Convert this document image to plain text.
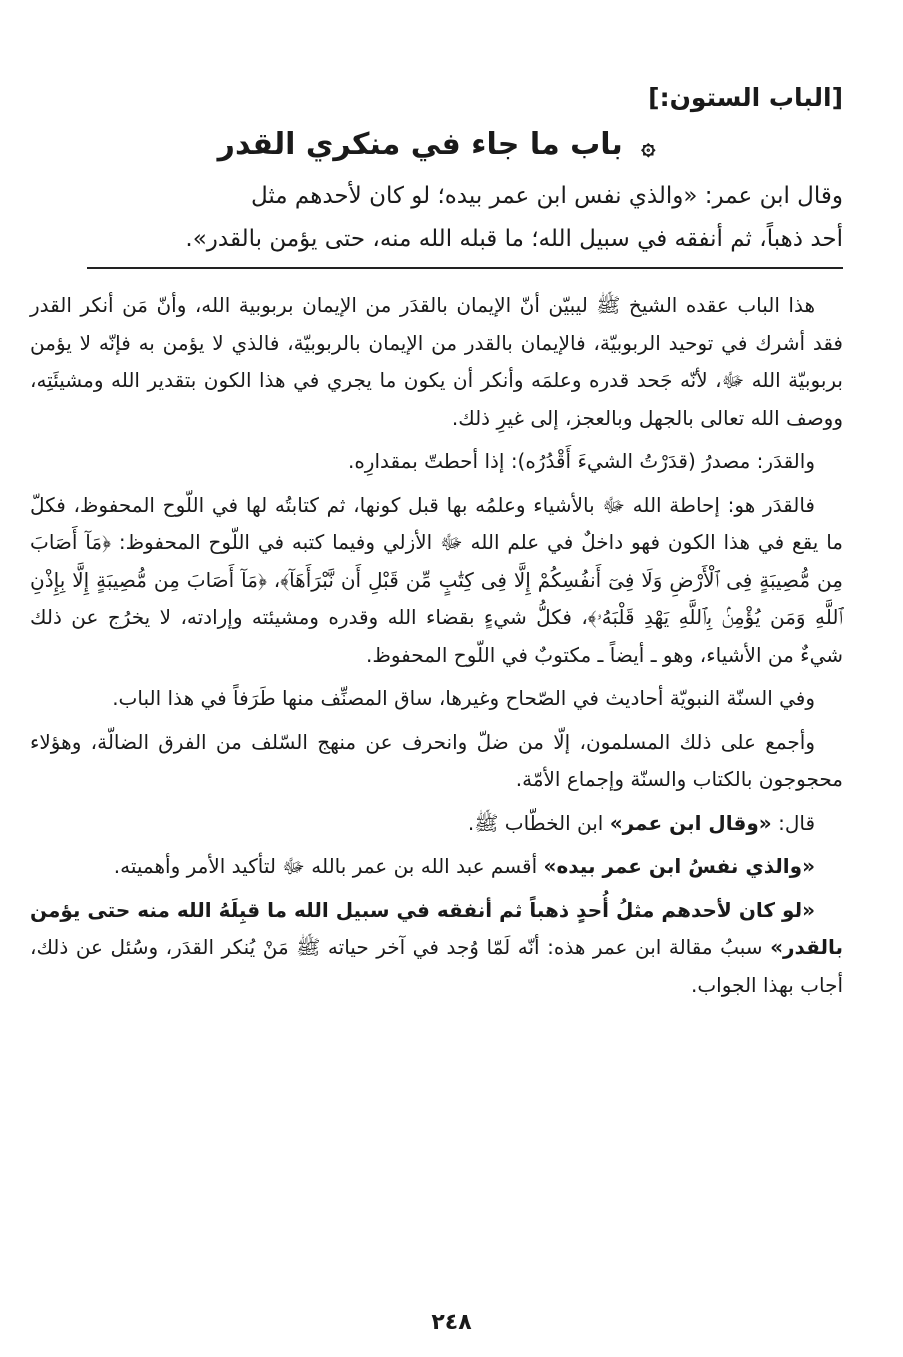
[الباب الستون:]
۞ باب ما جاء في منكري القدر

وقال ابن عمر: «والذي نفس ابن عمر بيده؛ لو كان لأحدهم مثل

أحد ذهباً، ثم أنفقه في سبيل الله؛ ما قبله الله منه، حتى يؤمن بالقدر».

هذا الباب عقده الشيخ ﷺ ليبيّن أنّ الإيمان بالقدَر من الإيمان بربوبية الله، وأنّ مَن أنكر القدر فقد أشرك في توحيد الربوبيّة، فالإيمان بالقدر من الإيمان بالربوبيّة، فالذي لا يؤمن به فإنّه لا يؤمن بربوبيّة الله ﷻ، لأنّه جَحد قدره وعلمَه وأنكر أن يكون ما يجري في هذا الكون بتقدير الله ومشيئَتِه، ووصف الله تعالى بالجهل وبالعجز، إلى غيرِ ذلك.

والقدَر: مصدرُ (قدَرْتُ الشيءَ أَقْدُرُه): إذا أحطتّ بمقدارِه.

فالقدَر هو: إحاطة الله ﷻ بالأشياء وعلمُه بها قبل كونها، ثم كتابتُه لها في اللّوح المحفوظ، فكلّ ما يقع في هذا الكون فهو داخلٌ في علم الله ﷻ الأزلي وفيما كتبه في اللّوح المحفوظ: ﴿مَآ أَصَابَ مِن مُّصِيبَةٍ فِى ٱلْأَرْضِ وَلَا فِىٓ أَنفُسِكُمْ إِلَّا فِى كِتَٰبٍ مِّن قَبْلِ أَن نَّبْرَأَهَآ﴾، ﴿مَآ أَصَابَ مِن مُّصِيبَةٍ إِلَّا بِإِذْنِ ٱللَّهِ وَمَن يُؤْمِنۢ بِٱللَّهِ يَهْدِ قَلْبَهُۥ﴾، فكلُّ شيءٍ بقضاء الله وقدره ومشيئته وإرادته، لا يخرُج عن ذلك شيءٌ من الأشياء، وهو ـ أيضاً ـ مكتوبٌ في اللّوح المحفوظ.

وفي السنّة النبويّة أحاديث في الصّحاح وغيرها، ساق المصنِّف منها طَرَفاً في هذا الباب.

وأجمع على ذلك المسلمون، إلّا من ضلّ وانحرف عن منهج السّلف من الفرق الضالّة، وهؤلاء محجوجون بالكتاب والسنّة وإجماع الأمّة.

قال: «وقال ابن عمر» ابن الخطّاب ﷺ.

«والذي نفسُ ابن عمر بيده» أقسم عبد الله بن عمر بالله ﷻ لتأكيد الأمر وأهميته.

«لو كان لأحدهم مثلُ أُحدٍ ذهباً ثم أنفقه في سبيل الله ما قبِلَهُ الله منه حتى يؤمن بالقدر» سببُ مقالة ابن عمر هذه: أنّه لَمّا وُجد في آخر حياته ﷺ مَنْ يُنكر القدَر، وسُئل عن ذلك، أجاب بهذا الجواب.

٢٤٨
